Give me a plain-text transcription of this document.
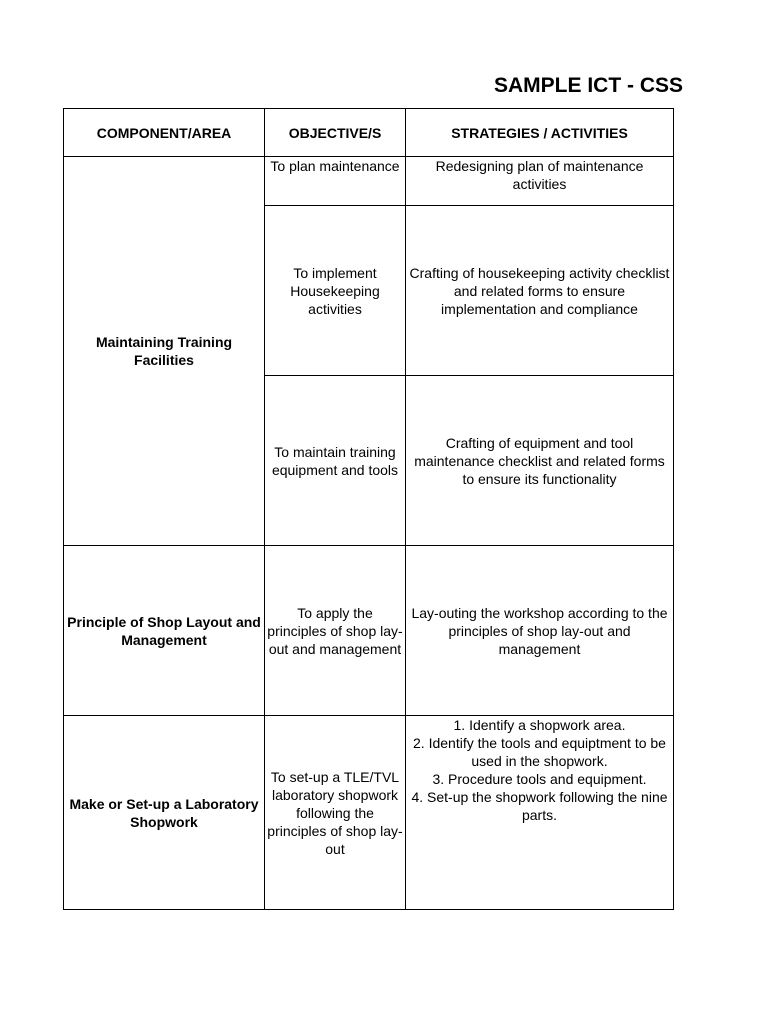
SAMPLE ICT - CSS
COMPONENT/AREA	OBJECTIVE/S	STRATEGIES / ACTIVITIES
Maintaining Training Facilities	To plan maintenance	Redesigning plan of maintenance activities
	To implement Housekeeping activities	Crafting of housekeeping activity checklist and related forms to ensure implementation and compliance
	To maintain training equipment and tools	Crafting of equipment and tool maintenance checklist and related forms to ensure its functionality
Principle of Shop Layout and Management	To apply the principles of shop lay-out and management	Lay-outing the workshop according to the principles of shop lay-out and management
Make or Set-up a Laboratory Shopwork	To set-up a TLE/TVL laboratory shopwork following the principles of shop lay-out	1. Identify a shopwork area.
2. Identify the tools and equiptment to be used in the shopwork.
3. Procedure tools and equipment.
4. Set-up the shopwork following the nine parts.
